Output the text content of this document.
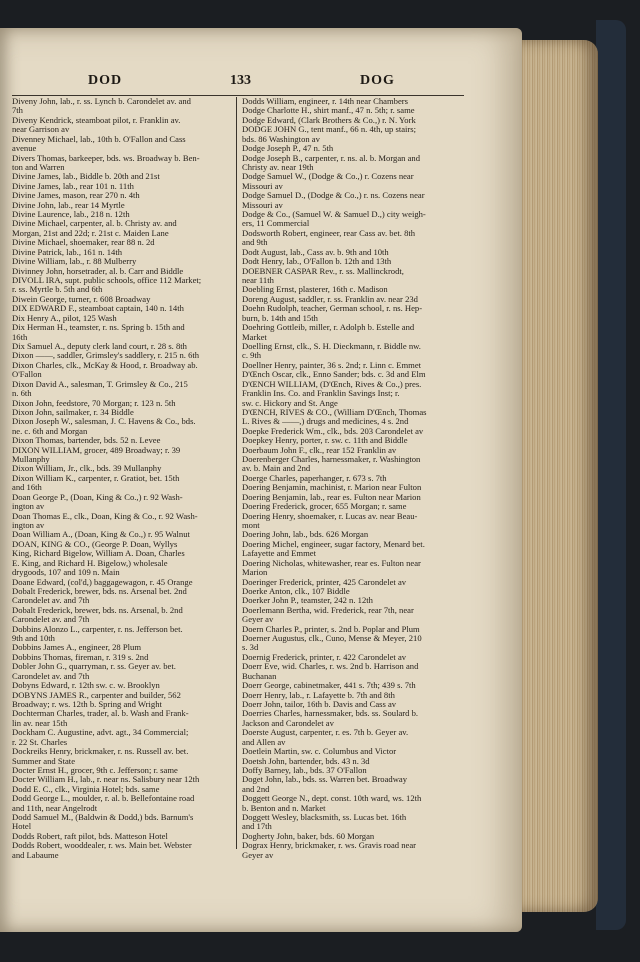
DOD	133	DOG
Diveny John, lab., r. ss. Lynch b. Carondelet av. and
7th
Diveny Kendrick, steamboat pilot, r. Franklin av.
near Garrison av
Divenney Michael, lab., 10th b. O'Fallon and Cass
avenue
Divers Thomas, barkeeper, bds. ws. Broadway b. Ben-
ton and Warren
Divine James, lab., Biddle b. 20th and 21st
Divine James, lab., rear 101 n. 11th
Divine James, mason, rear 270 n. 4th
Divine John, lab., rear 14 Myrtle
Divine Laurence, lab., 218 n. 12th
Divine Michael, carpenter, al. b. Christy av. and
Morgan, 21st and 22d; r. 21st c. Maiden Lane
Divine Michael, shoemaker, rear 88 n. 2d
Divine Patrick, lab., 161 n. 14th
Divine William, lab., r. 88 Mulberry
Divinney John, horsetrader, al. b. Carr and Biddle
DIVOLL IRA, supt. public schools, office 112 Market;
r. ss. Myrtle b. 5th and 6th
Diwein George, turner, r. 608 Broadway
DIX EDWARD F., steamboat captain, 140 n. 14th
Dix Henry A., pilot, 125 Wash
Dix Herman H., teamster, r. ns. Spring b. 15th and
16th
Dix Samuel A., deputy clerk land court, r. 28 s. 8th
Dixon ——, saddler, Grimsley's saddlery, r. 215 n. 6th
Dixon Charles, clk., McKay & Hood, r. Broadway ab.
O'Fallon
Dixon David A., salesman, T. Grimsley & Co., 215
n. 6th
Dixon John, feedstore, 70 Morgan; r. 123 n. 5th
Dixon John, sailmaker, r. 34 Biddle
Dixon Joseph W., salesman, J. C. Havens & Co., bds.
ne. c. 6th and Morgan
Dixon Thomas, bartender, bds. 52 n. Levee
DIXON WILLIAM, grocer, 489 Broadway; r. 39
Mullanphy
Dixon William, Jr., clk., bds. 39 Mullanphy
Dixon William K., carpenter, r. Gratiot, bet. 15th
and 16th
Doan George P., (Doan, King & Co.,) r. 92 Wash-
ington av
Doan Thomas E., clk., Doan, King & Co., r. 92 Wash-
ington av
Doan William A., (Doan, King & Co.,) r. 95 Walnut
DOAN, KING & CO., (George P. Doan, Wyllys
King, Richard Bigelow, William A. Doan, Charles
E. King, and Richard H. Bigelow,) wholesale
drygoods, 107 and 109 n. Main
Doane Edward, (col'd,) baggagewagon, r. 45 Orange
Dobalt Frederick, brewer, bds. ns. Arsenal bet. 2nd
Carondelet av. and 7th
Dobalt Frederick, brewer, bds. ns. Arsenal, b. 2nd
Carondelet av. and 7th
Dobbins Alonzo L., carpenter, r. ns. Jefferson bet.
9th and 10th
Dobbins James A., engineer, 28 Plum
Dobbins Thomas, fireman, r. 319 s. 2nd
Dobler John G., quarryman, r. ss. Geyer av. bet.
Carondelet av. and 7th
Dobyns Edward, r. 12th sw. c. w. Brooklyn
DOBYNS JAMES R., carpenter and builder, 562
Broadway; r. ws. 12th b. Spring and Wright
Dochterman Charles, trader, al. b. Wash and Frank-
lin av. near 15th
Dockham C. Augustine, advt. agt., 34 Commercial;
r. 22 St. Charles
Dockreiks Henry, brickmaker, r. ns. Russell av. bet.
Summer and State
Docter Ernst H., grocer, 9th c. Jefferson; r. same
Docter William H., lab., r. near ns. Salisbury near 12th
Dodd E. C., clk., Virginia Hotel; bds. same
Dodd George L., moulder, r. al. b. Bellefontaine road
and 11th, near Angelrodt
Dodd Samuel M., (Baldwin & Dodd,) bds. Barnum's
Hotel
Dodds Robert, raft pilot, bds. Matteson Hotel
Dodds Robert, wooddealer, r. ws. Main bet. Webster
and Labaume
Dodds William, engineer, r. 14th near Chambers
Dodge Charlotte H., shirt manf., 47 n. 5th; r. same
Dodge Edward, (Clark Brothers & Co.,) r. N. York
DODGE JOHN G., tent manf., 66 n. 4th, up stairs;
bds. 86 Washington av
Dodge Joseph P., 47 n. 5th
Dodge Joseph B., carpenter, r. ns. al. b. Morgan and
Christy av. near 19th
Dodge Samuel W., (Dodge & Co.,) r. Cozens near
Missouri av
Dodge Samuel D., (Dodge & Co.,) r. ns. Cozens near
Missouri av
Dodge & Co., (Samuel W. & Samuel D.,) city weigh-
ers, 11 Commercial
Dodsworth Robert, engineer, rear Cass av. bet. 8th
and 9th
Dodt August, lab., Cass av. b. 9th and 10th
Dodt Henry, lab., O'Fallon b. 12th and 13th
DOEBNER CASPAR Rev., r. ss. Mallinckrodt,
near 11th
Doebling Ernst, plasterer, 16th c. Madison
Doreng August, saddler, r. ss. Franklin av. near 23d
Doehn Rudolph, teacher, German school, r. ns. Hep-
burn, b. 14th and 15th
Doehring Gottleib, miller, r. Adolph b. Estelle and
Market
Doelling Ernst, clk., S. H. Dieckmann, r. Biddle nw.
c. 9th
Doellner Henry, painter, 36 s. 2nd; r. Linn c. Emmet
D'Œnch Oscar, clk., Enno Sander; bds. c. 3d and Elm
D'ŒNCH WILLIAM, (D'Œnch, Rives & Co.,) pres.
Franklin Ins. Co. and Franklin Savings Inst; r.
sw. c. Hickory and St. Ange
D'ŒNCH, RIVES & CO., (William D'Œnch, Thomas
L. Rives & ——,) drugs and medicines, 4 s. 2nd
Doepke Frederick Wm., clk., bds. 203 Carondelet av
Doepkey Henry, porter, r. sw. c. 11th and Biddle
Doerbaum John F., clk., rear 152 Franklin av
Doerenberger Charles, harnessmaker, r. Washington
av. b. Main and 2nd
Doerge Charles, paperhanger, r. 673 s. 7th
Doering Benjamin, machinist, r. Marion near Fulton
Doering Benjamin, lab., rear es. Fulton near Marion
Doering Frederick, grocer, 655 Morgan; r. same
Doering Henry, shoemaker, r. Lucas av. near Beau-
mont
Doering John, lab., bds. 626 Morgan
Doering Michel, engineer, sugar factory, Menard bet.
Lafayette and Emmet
Doering Nicholas, whitewasher, rear es. Fulton near
Marion
Doeringer Frederick, printer, 425 Carondelet av
Doerke Anton, clk., 107 Biddle
Doerker John P., teamster, 242 n. 12th
Doerlemann Bertha, wid. Frederick, rear 7th, near
Geyer av
Doern Charles P., printer, s. 2nd b. Poplar and Plum
Doerner Augustus, clk., Cuno, Mense & Meyer, 210
s. 3d
Doernig Frederick, printer, r. 422 Carondelet av
Doerr Eve, wid. Charles, r. ws. 2nd b. Harrison and
Buchanan
Doerr George, cabinetmaker, 441 s. 7th; 439 s. 7th
Doerr Henry, lab., r. Lafayette b. 7th and 8th
Doerr John, tailor, 16th b. Davis and Cass av
Doerries Charles, harnessmaker, bds. ss. Soulard b.
Jackson and Carondelet av
Doerste August, carpenter, r. es. 7th b. Geyer av.
and Allen av
Doetlein Martin, sw. c. Columbus and Victor
Doetsh John, bartender, bds. 43 n. 3d
Doffy Barney, lab., bds. 37 O'Fallon
Doget John, lab., bds. ss. Warren bet. Broadway
and 2nd
Doggett George N., dept. const. 10th ward, ws. 12th
b. Benton and n. Market
Doggett Wesley, blacksmith, ss. Lucas bet. 16th
and 17th
Dogherty John, baker, bds. 60 Morgan
Dograx Henry, brickmaker, r. ws. Gravis road near
Geyer av
